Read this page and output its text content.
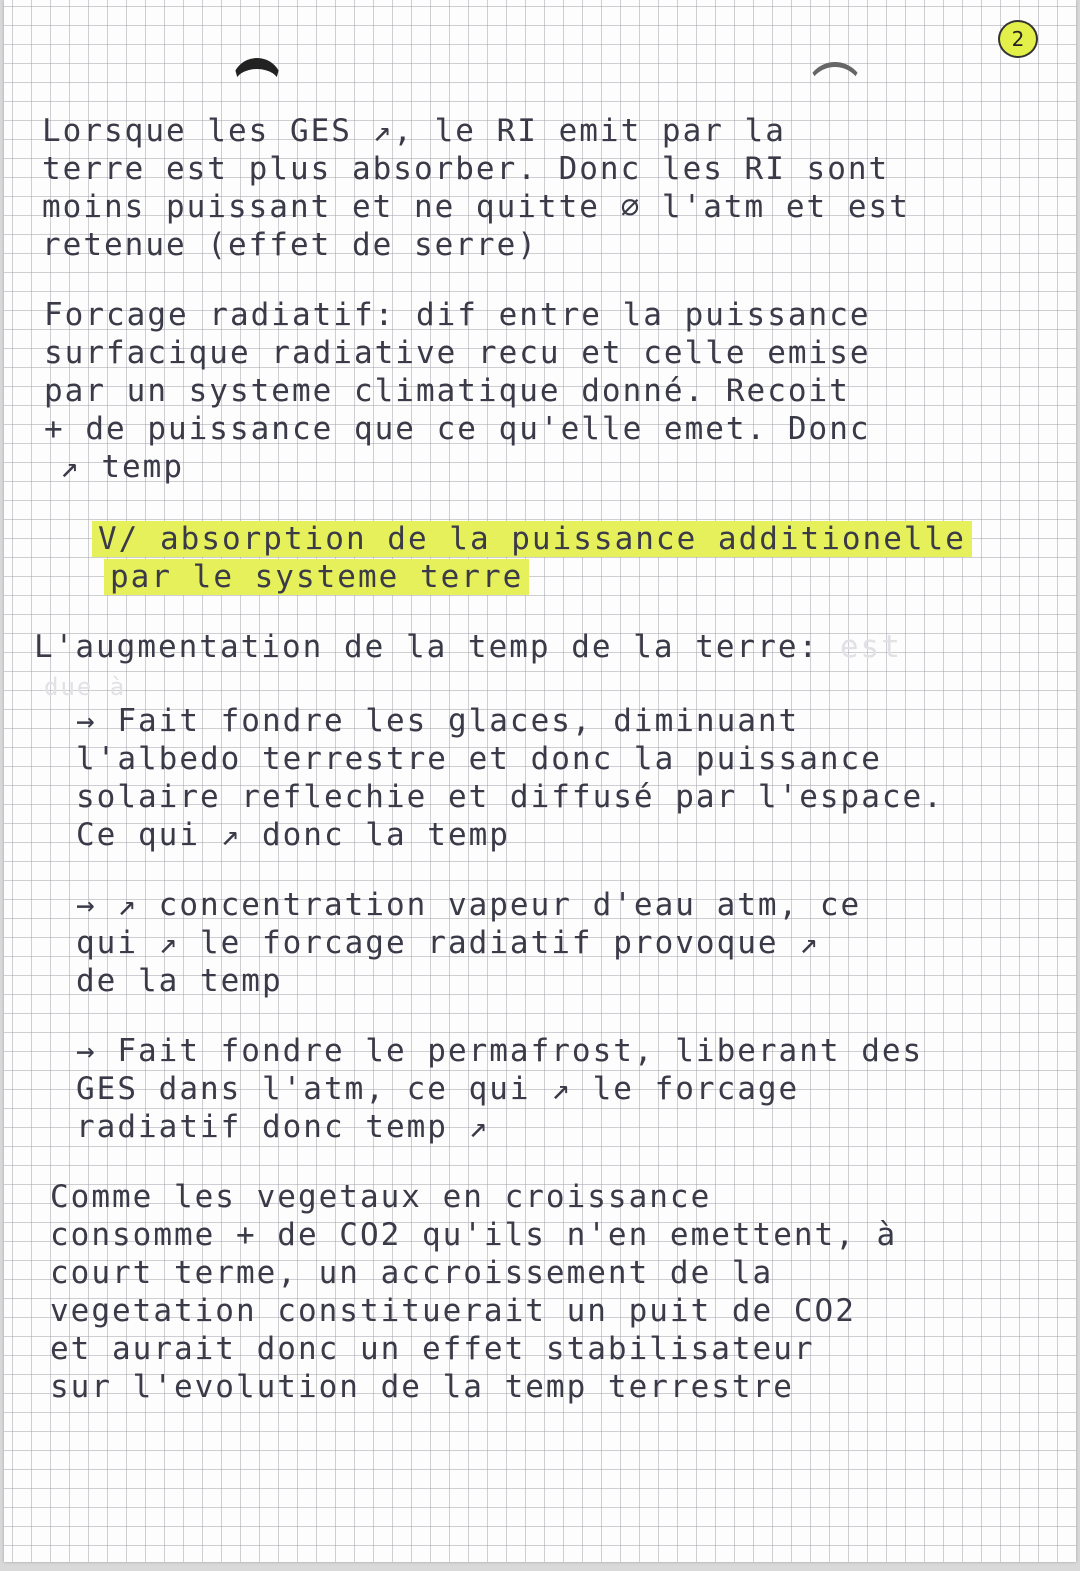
2
Lorsque les GES ↗, le RI emit par la
terre est plus absorber. Donc les RI sont
moins puissant et ne quitte ∅ l'atm et est
retenue (effet de serre)
Forcage radiatif: dif entre la puissance
surfacique radiative recu et celle emise
par un systeme climatique donné. Recoit
+ de puissance que ce qu'elle emet. Donc
↗ temp
V/ absorption de la puissance additionelle
par le systeme terre
L'augmentation de la temp de la terre: est
due à
→ Fait fondre les glaces, diminuant
l'albedo terrestre et donc la puissance
solaire reflechie et diffusé par l'espace.
Ce qui ↗ donc la temp
→ ↗ concentration vapeur d'eau atm, ce
qui ↗ le forcage radiatif provoque ↗
de la temp
→ Fait fondre le permafrost, liberant des
GES dans l'atm, ce qui ↗ le forcage
radiatif donc temp ↗
Comme les vegetaux en croissance
consomme + de CO2 qu'ils n'en emettent, à
court terme, un accroissement de la
vegetation constituerait un puit de CO2
et aurait donc un effet stabilisateur
sur l'evolution de la temp terrestre
